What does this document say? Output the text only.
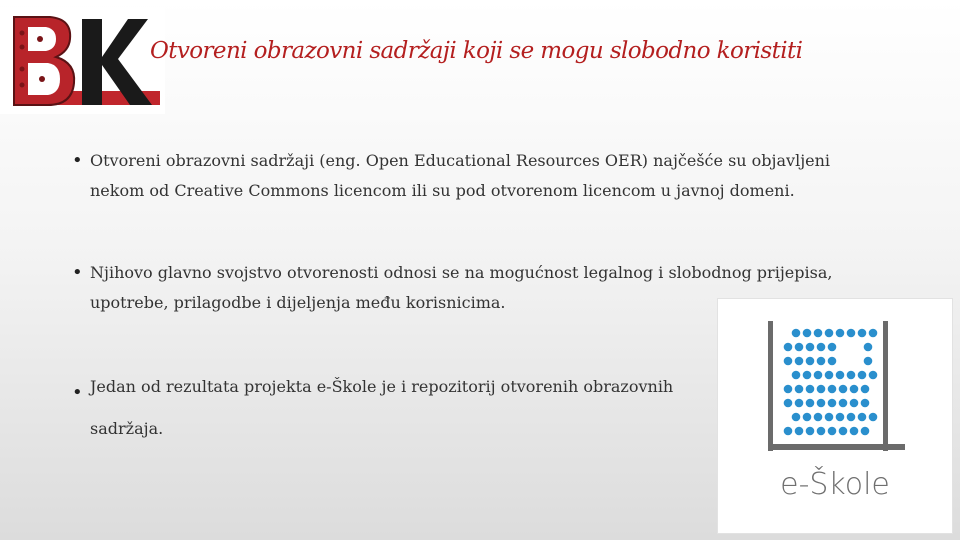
Otvoreni obrazovni sadržaji koji se mogu slobodno koristiti
• Otvoreni obrazovni sadržaji (eng. Open Educational Resources OER) najčešće su objavljeni nekom od Creative Commons licencom ili su pod otvorenom licencom u javnoj domeni.
• Njihovo glavno svojstvo otvorenosti odnosi se na mogućnost legalnog i slobodnog prijepisa, upotrebe, prilagodbe i dijeljenja među korisnicima.
• Jedan od rezultata projekta e-Škole je i repozitorij otvorenih obrazovnih sadržaja.
e-Škole
